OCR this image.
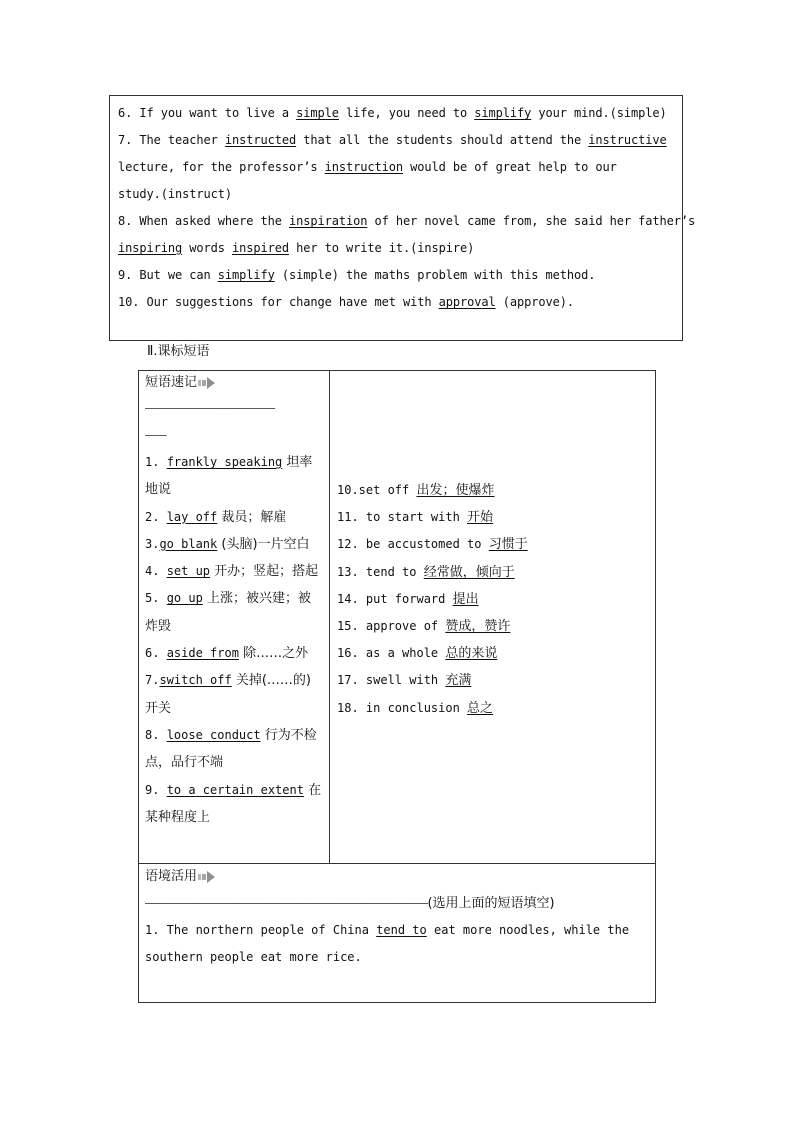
6. If you want to live a simple life, you need to simplify your mind.(simple)
7. The teacher instructed that all the students should attend the instructive
lecture, for the professor’s instruction would be of great help to our
study.(instruct)
8. When asked where the inspiration of her novel came from, she said her father’s
inspiring words inspired her to write it.(inspire)
9. But we can simplify (simple) the maths problem with this method.
10. Our suggestions for change have met with approval (approve).
Ⅱ.课标短语
短语速记
——————————————————
———
1. frankly speaking 坦率地说
2. lay off 裁员；解雇
3.go blank (头脑)一片空白
4. set up 开办；竖起；搭起
5. go up 上涨；被兴建；被炸毁
6. aside from 除……之外
7.switch off 关掉(……的)开关
8. loose conduct 行为不检点，品行不端
9. to a certain extent 在某种程度上
10.set off 出发；使爆炸
11. to start with 开始
12. be accustomed to 习惯于
13. tend to 经常做，倾向于
14. put forward 提出
15. approve of 赞成，赞许
16. as a whole 总的来说
17. swell with 充满
18. in conclusion 总之
语境活用
——————————————————————————————————————————(选用上面的短语填空)
1. The northern people of China tend to eat more noodles, while the southern people eat more rice.
